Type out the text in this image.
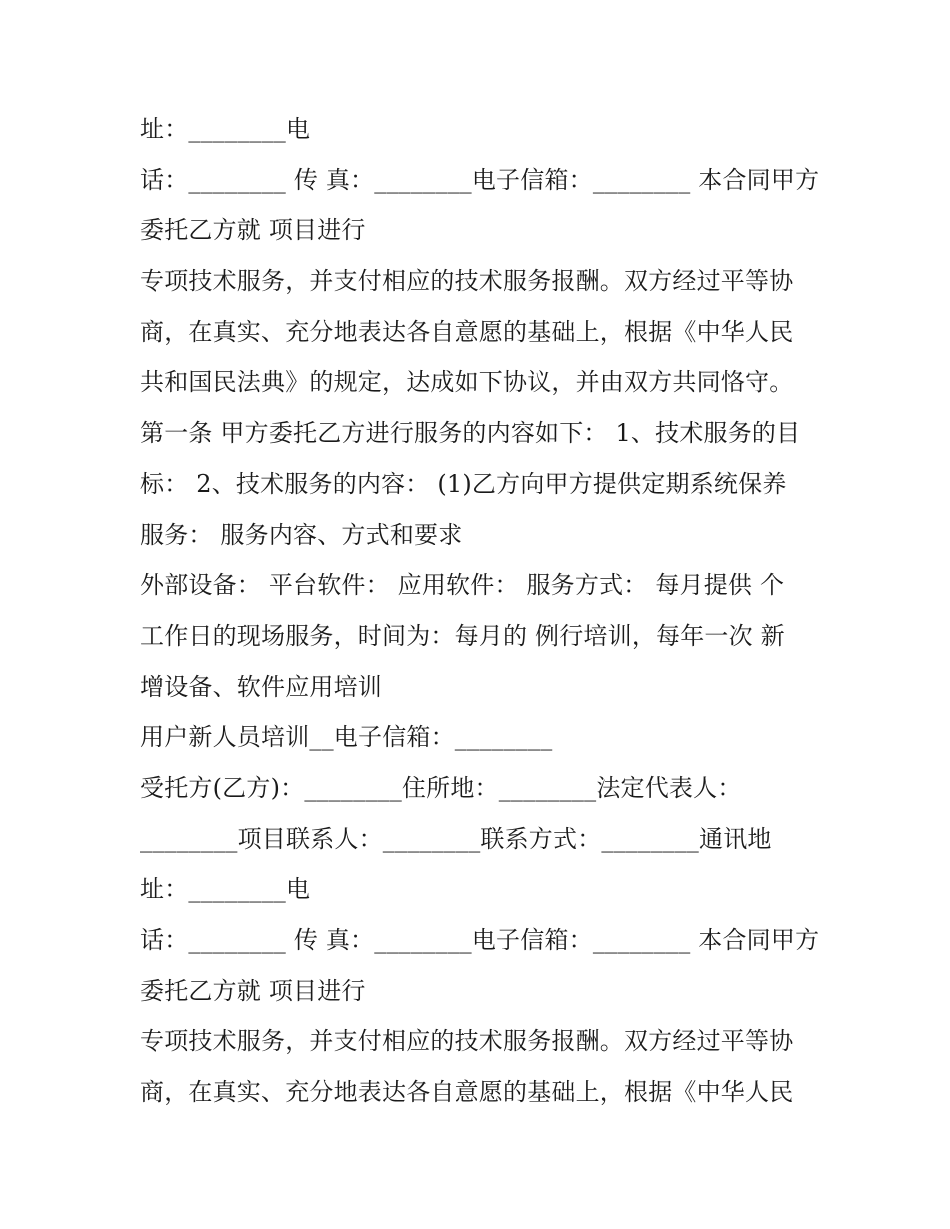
址：________电
话：________ 传 真：________电子信箱：________ 本合同甲方
委托乙方就 项目进行
专项技术服务，并支付相应的技术服务报酬。双方经过平等协
商，在真实、充分地表达各自意愿的基础上，根据《中华人民
共和国民法典》的规定，达成如下协议，并由双方共同恪守。
第一条 甲方委托乙方进行服务的内容如下： 1、技术服务的目
标： 2、技术服务的内容： (1)乙方向甲方提供定期系统保养
服务： 服务内容、方式和要求
外部设备： 平台软件： 应用软件： 服务方式： 每月提供 个
工作日的现场服务，时间为：每月的 例行培训，每年一次 新
增设备、软件应用培训
用户新人员培训__电子信箱：________
受托方(乙方)：________住所地：________法定代表人：
________项目联系人：________联系方式：________通讯地
址：________电
话：________ 传 真：________电子信箱：________ 本合同甲方
委托乙方就 项目进行
专项技术服务，并支付相应的技术服务报酬。双方经过平等协
商，在真实、充分地表达各自意愿的基础上，根据《中华人民
